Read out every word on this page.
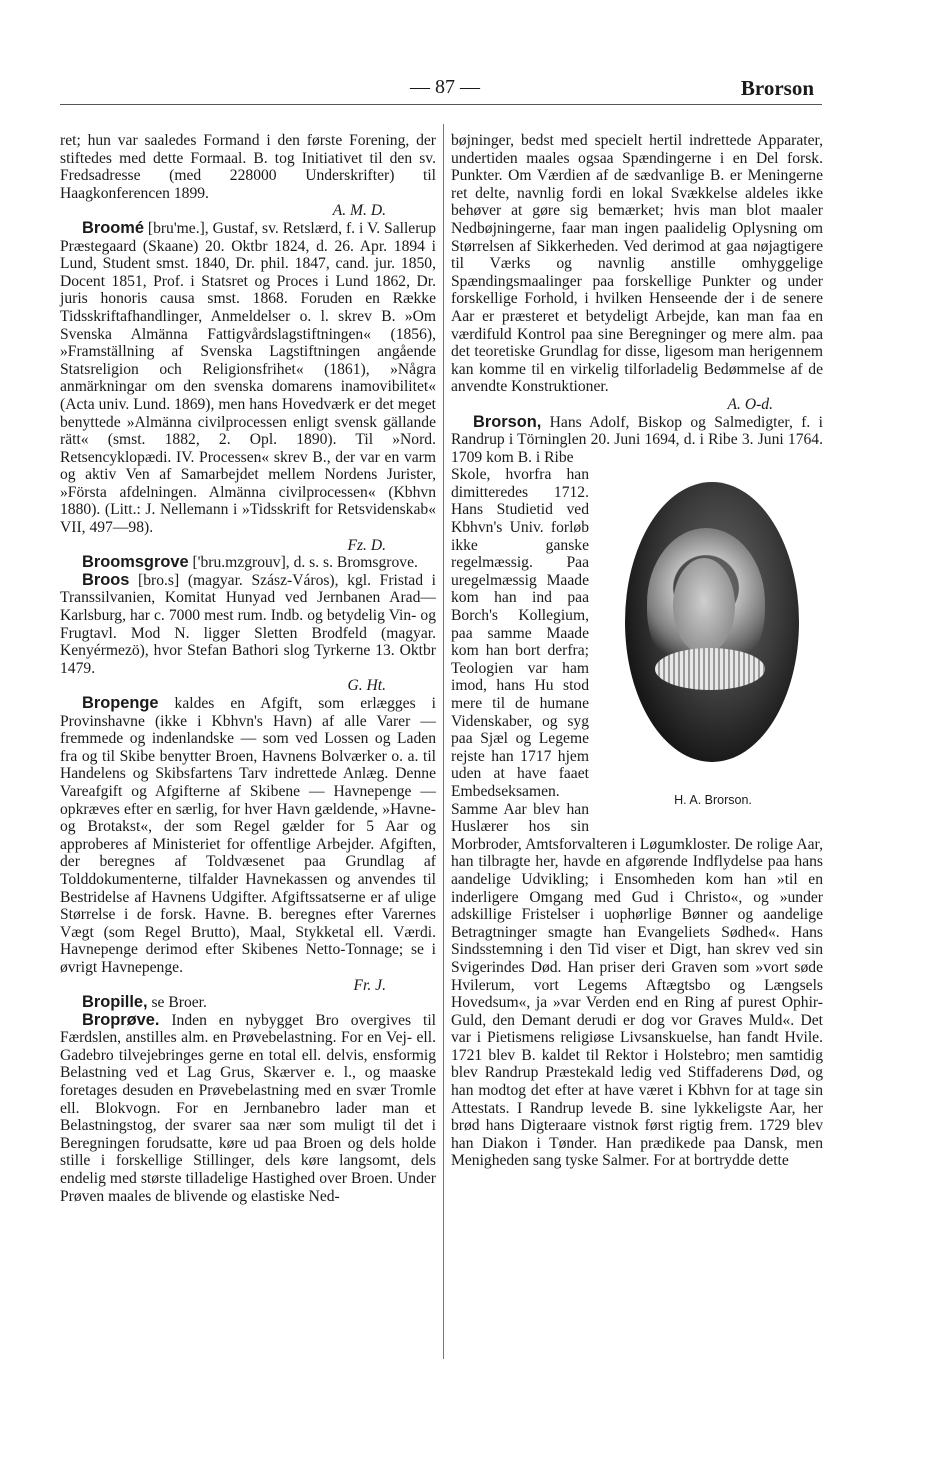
— 87 —	Brorson

ret; hun var saaledes Formand i den første Forening, der stiftedes med dette Formaal. B. tog Initiativet til den sv. Fredsadresse (med 228000 Underskrifter) til Haagkonferencen 1899.

A. M. D.

Broomé [bru'me.], Gustaf, sv. Retslærd, f. i V. Sallerup Præstegaard (Skaane) 20. Oktbr 1824, d. 26. Apr. 1894 i Lund, Student smst. 1840, Dr. phil. 1847, cand. jur. 1850, Docent 1851, Prof. i Statsret og Proces i Lund 1862, Dr. juris honoris causa smst. 1868. Foruden en Række Tidsskriftafhandlinger, Anmeldelser o. l. skrev B. »Om Svenska Almänna Fattigvårdslagstiftningen« (1856), »Framställning af Svenska Lagstiftningen angående Statsreligion och Religionsfrihet« (1861), »Några anmärkningar om den svenska domarens inamovibilitet« (Acta univ. Lund. 1869), men hans Hovedværk er det meget benyttede »Almänna civilprocessen enligt svensk gällande rätt« (smst. 1882, 2. Opl. 1890). Til »Nord. Retsencyklopædi. IV. Processen« skrev B., der var en varm og aktiv Ven af Samarbejdet mellem Nordens Jurister, »Första afdelningen. Almänna civilprocessen« (Kbhvn 1880). (Litt.: J. Nellemann i »Tidsskrift for Retsvidenskab« VII, 497—98).

Fz. D.

Broomsgrove ['bru.mzgrouv], d. s. s. Bromsgrove.

Broos [bro.s] (magyar. Szász-Város), kgl. Fristad i Transsilvanien, Komitat Hunyad ved Jernbanen Arad—Karlsburg, har c. 7000 mest rum. Indb. og betydelig Vin- og Frugtavl. Mod N. ligger Sletten Brodfeld (magyar. Kenyérmezö), hvor Stefan Bathori slog Tyrkerne 13. Oktbr 1479.

G. Ht.

Bropenge kaldes en Afgift, som erlægges i Provinshavne (ikke i Kbhvn's Havn) af alle Varer — fremmede og indenlandske — som ved Lossen og Laden fra og til Skibe benytter Broen, Havnens Bolværker o. a. til Handelens og Skibsfartens Tarv indrettede Anlæg. Denne Vareafgift og Afgifterne af Skibene — Havnepenge — opkræves efter en særlig, for hver Havn gældende, »Havne- og Brotakst«, der som Regel gælder for 5 Aar og approberes af Ministeriet for offentlige Arbejder. Afgiften, der beregnes af Toldvæsenet paa Grundlag af Tolddokumenterne, tilfalder Havnekassen og anvendes til Bestridelse af Havnens Udgifter. Afgiftssatserne er af ulige Størrelse i de forsk. Havne. B. beregnes efter Varernes Vægt (som Regel Brutto), Maal, Stykketal ell. Værdi. Havnepenge derimod efter Skibenes Netto-Tonnage; se i øvrigt Havnepenge.

Fr. J.

Bropille, se Broer.

Broprøve. Inden en nybygget Bro overgives til Færdslen, anstilles alm. en Prøvebelastning. For en Vej- ell. Gadebro tilvejebringes gerne en total ell. delvis, ensformig Belastning ved et Lag Grus, Skærver e. l., og maaske foretages desuden en Prøvebelastning med en svær Tromle ell. Blokvogn. For en Jernbanebro lader man et Belastningstog, der svarer saa nær som muligt til det i Beregningen forudsatte, køre ud paa Broen og dels holde stille i forskellige Stillinger, dels køre langsomt, dels endelig med største tilladelige Hastighed over Broen. Under Prøven maales de blivende og elastiske Ned-

bøjninger, bedst med specielt hertil indrettede Apparater, undertiden maales ogsaa Spændingerne i en Del forsk. Punkter. Om Værdien af de sædvanlige B. er Meningerne ret delte, navnlig fordi en lokal Svækkelse aldeles ikke behøver at gøre sig bemærket; hvis man blot maaler Nedbøjningerne, faar man ingen paalidelig Oplysning om Størrelsen af Sikkerheden. Ved derimod at gaa nøjagtigere til Værks og navnlig anstille omhyggelige Spændingsmaalinger paa forskellige Punkter og under forskellige Forhold, i hvilken Henseende der i de senere Aar er præsteret et betydeligt Arbejde, kan man faa en værdifuld Kontrol paa sine Beregninger og mere alm. paa det teoretiske Grundlag for disse, ligesom man herigennem kan komme til en virkelig tilforladelig Bedømmelse af de anvendte Konstruktioner.

A. O-d.

Brorson, Hans Adolf, Biskop og Salmedigter, f. i Randrup i Törninglen 20. Juni 1694, d. i Ribe 3. Juni 1764. 1709 kom B. i Ribe

H. A. Brorson.

Skole, hvorfra han dimitteredes 1712. Hans Studietid ved Kbhvn's Univ. forløb ikke ganske regelmæssig. Paa uregelmæssig Maade kom han ind paa Borch's Kollegium, paa samme Maade kom han bort derfra; Teologien var ham imod, hans Hu stod mere til de humane Videnskaber, og syg paa Sjæl og Legeme rejste han 1717 hjem uden at have faaet Embedseksamen. Samme Aar blev han Huslærer hos sin Morbroder, Amtsforvalteren i Løgumkloster. De rolige Aar, han tilbragte her, havde en afgørende Indflydelse paa hans aandelige Udvikling; i Ensomheden kom han »til en inderligere Omgang med Gud i Christo«, og »under adskillige Fristelser i uophørlige Bønner og aandelige Betragtninger smagte han Evangeliets Sødhed«. Hans Sindsstemning i den Tid viser et Digt, han skrev ved sin Svigerindes Død. Han priser deri Graven som »vort søde Hvilerum, vort Legems Aftægtsbo og Længsels Hovedsum«, ja »var Verden end en Ring af purest Ophir-Guld, den Demant derudi er dog vor Graves Muld«. Det var i Pietismens religiøse Livsanskuelse, han fandt Hvile. 1721 blev B. kaldet til Rektor i Holstebro; men samtidig blev Randrup Præstekald ledig ved Stiffaderens Død, og han modtog det efter at have været i Kbhvn for at tage sin Attestats. I Randrup levede B. sine lykkeligste Aar, her brød hans Digteraare vistnok først rigtig frem. 1729 blev han Diakon i Tønder. Han prædikede paa Dansk, men Menigheden sang tyske Salmer. For at bortrydde dette
